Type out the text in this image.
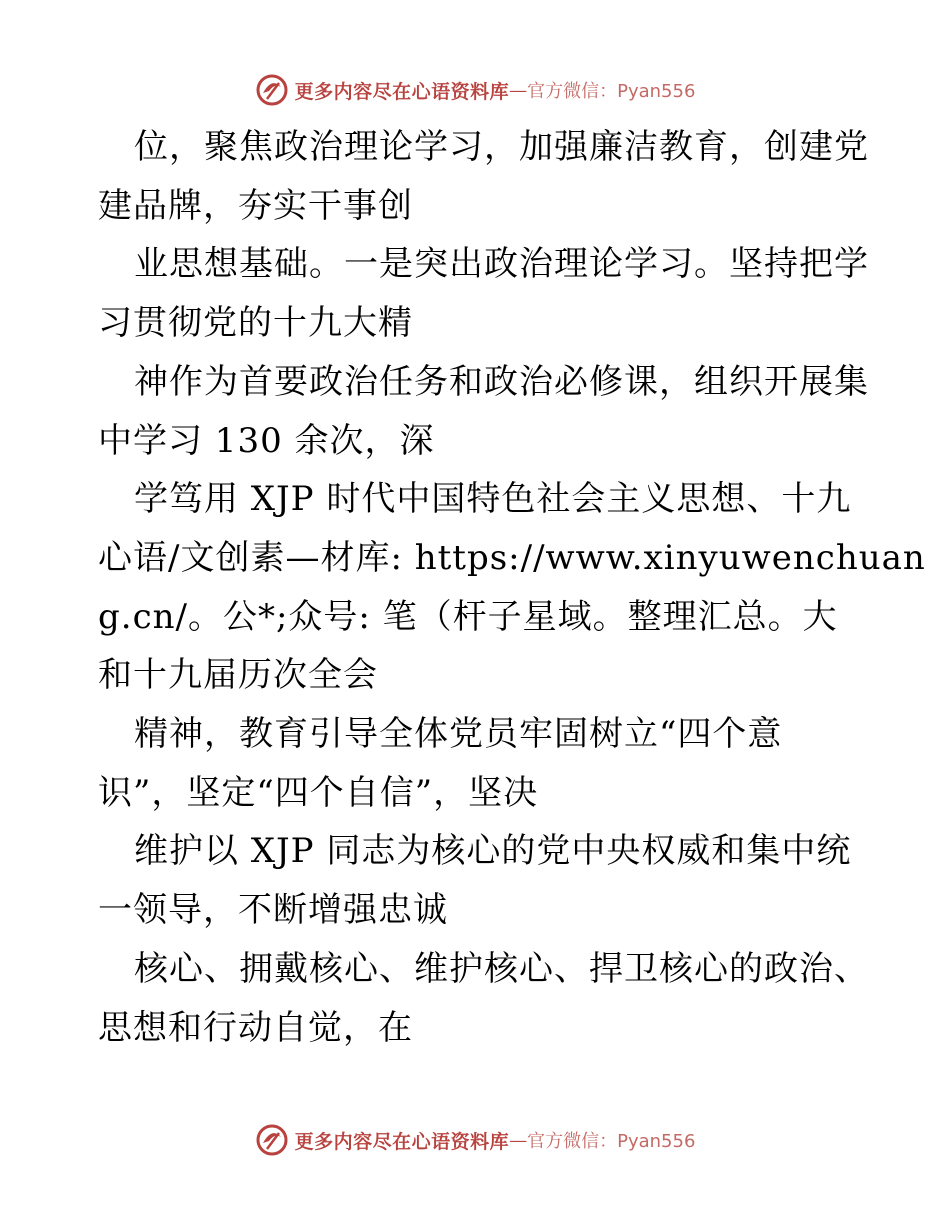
更多内容尽在心语资料库 — 官方微信：Pyan556
位，聚焦政治理论学习，加强廉洁教育，创建党
建品牌，夯实干事创
业思想基础。一是突出政治理论学习。坚持把学
习贯彻党的十九大精
神作为首要政治任务和政治必修课，组织开展集
中学习 130 余次，深
学笃用 XJP 时代中国特色社会主义思想、十九
心语/文创素—材库: https://www.xinyuwenchuan
g.cn/。公*;众号: 笔（杆子星域。整理汇总。大
和十九届历次全会
精神，教育引导全体党员牢固树立“四个意
识”，坚定“四个自信”，坚决
维护以 XJP 同志为核心的党中央权威和集中统
一领导，不断增强忠诚
核心、拥戴核心、维护核心、捍卫核心的政治、
思想和行动自觉，在
更多内容尽在心语资料库 — 官方微信：Pyan556
